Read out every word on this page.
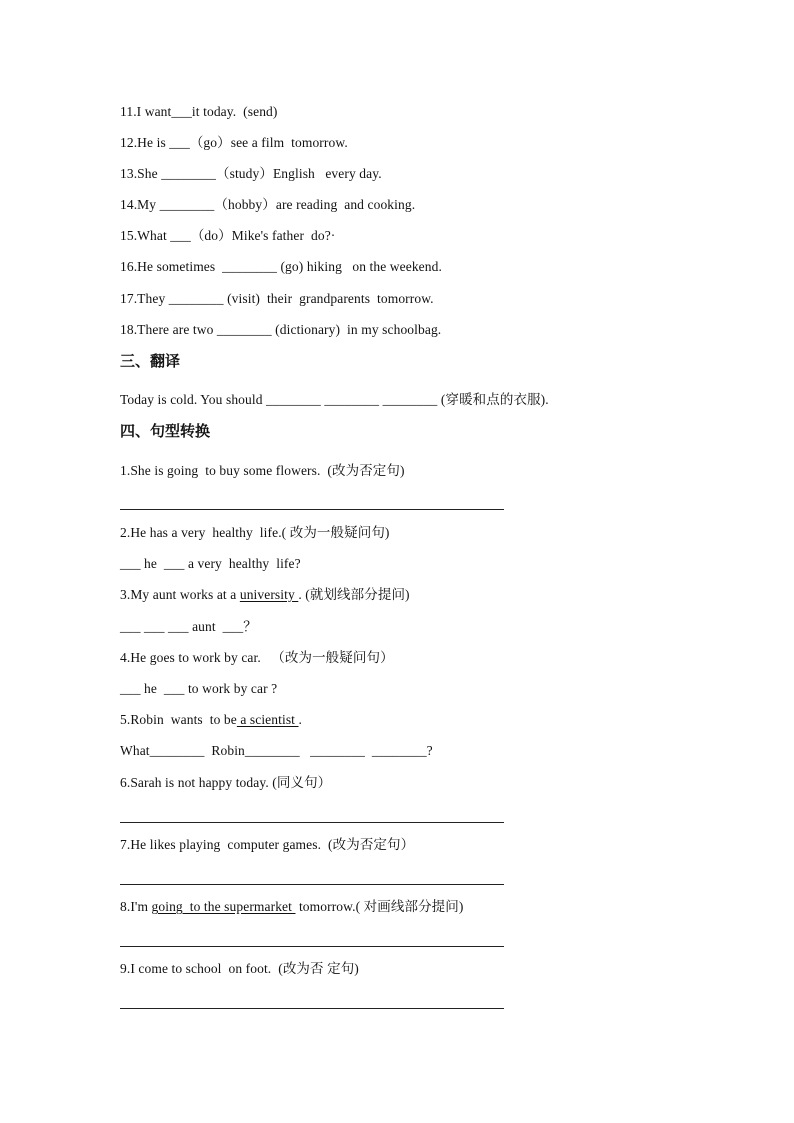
11.I want___it today.  (send)
12.He is ___（go）see a film  tomorrow.
13.She ________（study）English   every day.
14.My ________（hobby）are reading  and cooking.
15.What ___（do）Mike's father  do?·
16.He sometimes  ________ (go) hiking   on the weekend.
17.They ________ (visit)  their  grandparents  tomorrow.
18.There are two ________ (dictionary)  in my schoolbag.
三、翻译
Today is cold. You should ________ ________ ________ (穿暖和点的衣服).
四、句型转换
1.She is going  to buy some flowers.  (改为否定句)
2.He has a very  healthy  life.( 改为一般疑问句)
___ he  ___ a very  healthy  life?
3.My aunt works at a university . (就划线部分提问)
___ ___ ___ aunt  ___？
4.He goes to work by car.   （改为一般疑问句）
___ he  ___ to work by car ?
5.Robin  wants  to be a scientist .
What________  Robin________   ________  ________?
6.Sarah is not happy today. (同义句）
7.He likes playing  computer games.  (改为否定句）
8.I'm going  to the supermarket  tomorrow.( 对画线部分提问)
9.I come to school  on foot.  (改为否 定句)
